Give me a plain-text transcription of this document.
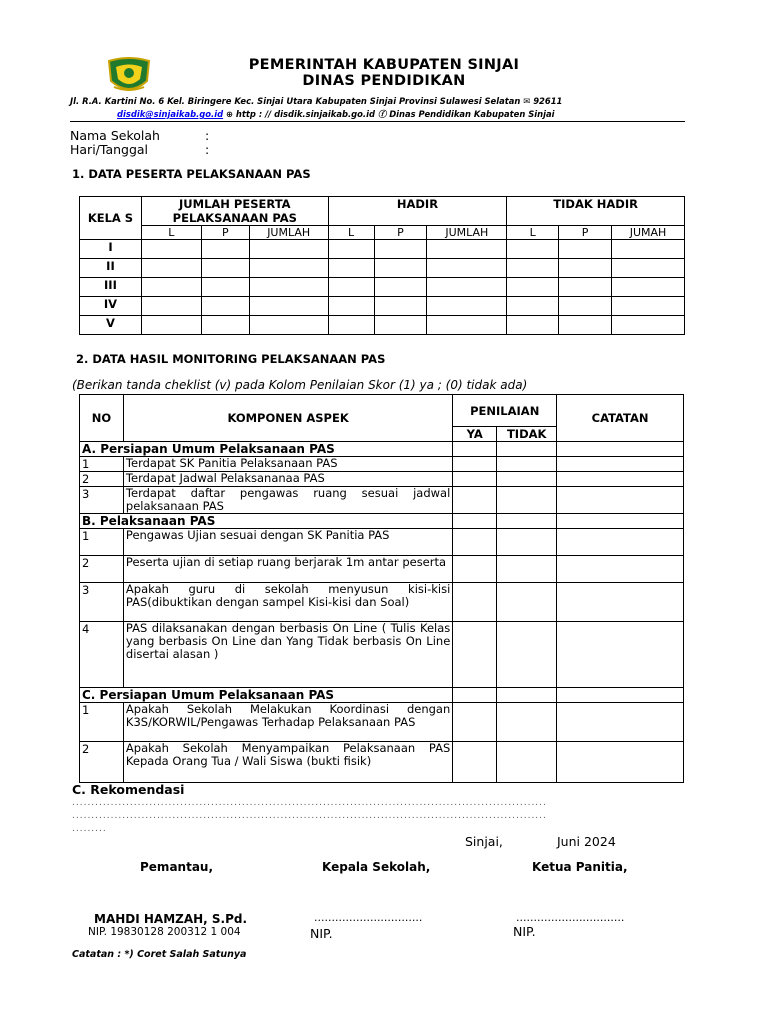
PEMERINTAH KABUPATEN SINJAI
DINAS PENDIDIKAN
Jl. R.A. Kartini No. 6 Kel. Biringere Kec. Sinjai Utara Kabupaten Sinjai Provinsi Sulawesi Selatan ✉ 92611
disdik@sinjaikab.go.id ⊕ http : // disdik.sinjaikab.go.id ⓕ Dinas Pendidikan Kabupaten Sinjai
Nama Sekolah	:
Hari/Tanggal	:
1. DATA PESERTA PELAKSANAAN PAS
KELA S	JUMLAH PESERTA PELAKSANAAN PAS			HADIR			TIDAK HADIR		
	L	P	JUMLAH	L	P	JUMLAH	L	P	JUMAH
I									
II									
III									
IV									
V									
2. DATA HASIL MONITORING PELAKSANAAN PAS
(Berikan tanda cheklist (v) pada Kolom Penilaian Skor (1) ya ; (0) tidak ada)
NO	KOMPONEN ASPEK	PENILAIAN		CATATAN
		YA	TIDAK	
A. Persiapan Umum Pelaksanaan PAS				
1	Terdapat SK Panitia Pelaksanaan PAS			
2	Terdapat Jadwal Pelaksananaa PAS			
3	Terdapat daftar pengawas ruang sesuai jadwal pelaksanaan PAS			
B. Pelaksanaan PAS				
1	Pengawas Ujian sesuai dengan SK Panitia PAS			
2	Peserta ujian di setiap ruang berjarak 1m antar peserta			
3	Apakah guru di sekolah menyusun kisi-kisi PAS(dibuktikan dengan sampel Kisi-kisi dan Soal)			
4	PAS dilaksanakan dengan berbasis On Line ( Tulis Kelas yang berbasis On Line dan Yang Tidak berbasis On Line disertai alasan )			
C. Persiapan Umum Pelaksanaan PAS				
1	Apakah Sekolah Melakukan Koordinasi dengan K3S/KORWIL/Pengawas Terhadap Pelaksanaan PAS			
2	Apakah Sekolah Menyampaikan Pelaksanaan PAS Kepada Orang Tua / Wali Siswa (bukti fisik)			
C. Rekomendasi
...........................................................................................................................
...........................................................................................................................
.........
Sinjai,	Juni 2024
Pemantau,	Kepala Sekolah,	Ketua Panitia,
MAHDI HAMZAH, S.Pd.
NIP. 19830128 200312 1 004
...............................
NIP.
...............................
NIP.
Catatan : *) Coret Salah Satunya
